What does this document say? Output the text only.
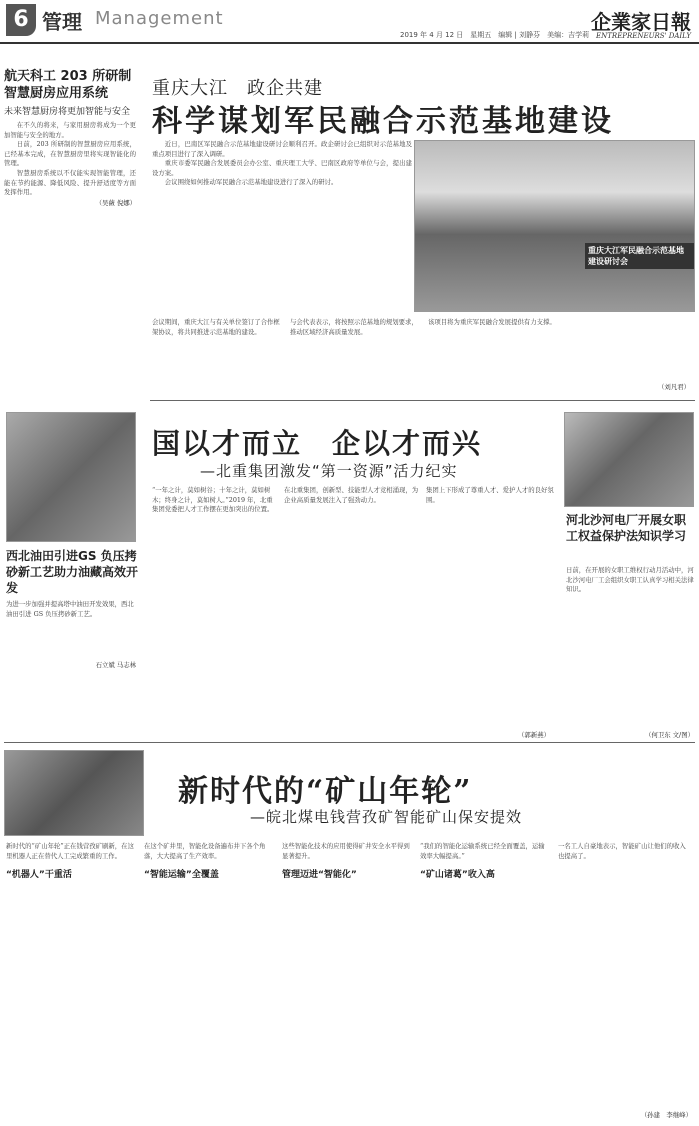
6 管理 Management
2019 年 4 月 12 日　星期五　编辑 | 刘静芬　美编：吉学莉
企業家日報
ENTREPRENEURS' DAILY
航天科工 203 所研制智慧厨房应用系统
未来智慧厨房将更加智能与安全

在不久的将来，与家用厨房将成为一个更加智能与安全的地方。

日前，203 所研制的智慧厨房应用系统，已经基本完成，在智慧厨房里将实现智能化的管理。

智慧厨房系统以不仅能实现智能管理，还能在节约能源、降低风险、提升舒适度等方面发挥作用。

（吴薇 倪娜）
重庆大江　政企共建
科学谋划军民融合示范基地建设

近日，巴南区军民融合示范基地建设研讨会顺利召开。政企研讨会已组织对示范基地及重点项目进行了深入调研。

重庆市委军民融合发展委员会办公室、重庆理工大学、巴南区政府等单位与会，提出建设方案。

会议围绕如何推动军民融合示范基地建设进行了深入的研讨。

重庆大江军民融合示范基地建设研讨会
会议期间，重庆大江与有关单位签订了合作框架协议，将共同推进示范基地的建设。
与会代表表示，将按照示范基地的规划要求，推动区域经济高质量发展。
该项目将为重庆军民融合发展提供有力支撑。
（刘凡君）
国以才而立　企以才而兴
—北重集团激发“第一资源”活力纪实
“一年之计，莫如树谷；十年之计，莫如树木；终身之计，莫如树人。”2019 年，北重集团党委把人才工作摆在更加突出的位置。
在北重集团，创新型、技能型人才竞相涌现，为企业高质量发展注入了强劲动力。
集团上下形成了尊重人才、爱护人才的良好氛围。
（郭新燕）
西北油田引进GS 负压拷砂新工艺助力油藏高效开发
为进一步加强并提高塔中油田开发效果，西北油田引进 GS 负压拷砂新工艺。
石立斌 马志林
河北沙河电厂开展女职工权益保护法知识学习
日前，在开展的女职工维权行动月活动中，河北沙河电厂工会组织女职工认真学习相关法律知识。
（何卫东 文/图）
新时代的“矿山年轮”
—皖北煤电钱营孜矿智能矿山保安提效
新时代的“矿山年轮”正在钱营孜矿刷新，在这里机器人正在替代人工完成繁重的工作。
“机器人”干重活
在这个矿井里，智能化设备遍布井下各个角落，大大提高了生产效率。
“智能运输”全覆盖
这些智能化技术的应用使得矿井安全水平得到显著提升。
管理迈进“智能化”
“我们的智能化运输系统已经全面覆盖，运输效率大幅提高。”
“矿山诸葛”收入高
一名工人自豪地表示，智能矿山让他们的收入也提高了。
（孙建　李继峰）
